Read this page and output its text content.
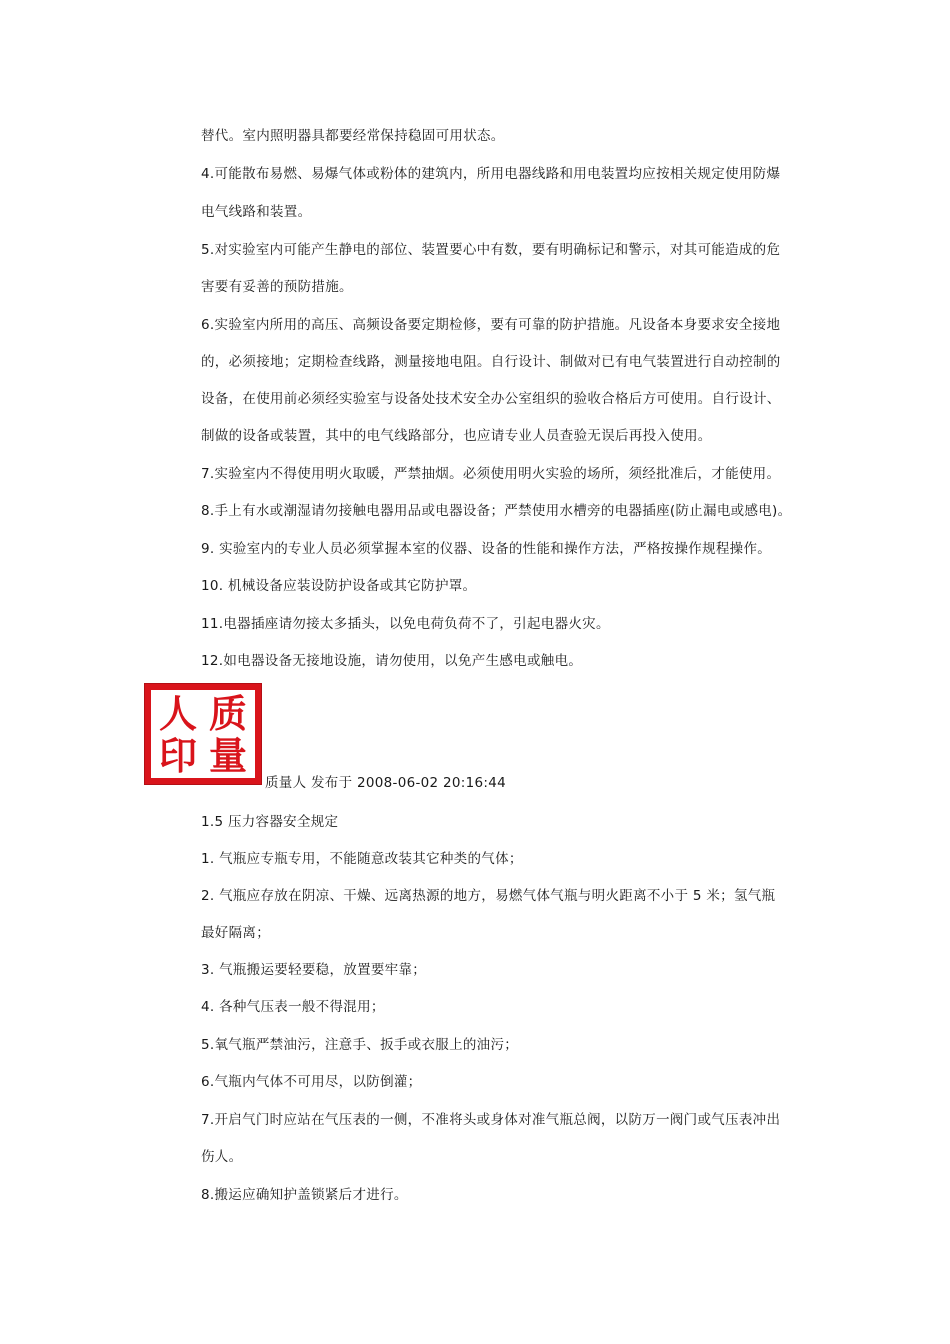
替代。室内照明器具都要经常保持稳固可用状态。
4.可能散布易燃、易爆气体或粉体的建筑内，所用电器线路和用电装置均应按相关规定使用防爆
电气线路和装置。
5.对实验室内可能产生静电的部位、装置要心中有数，要有明确标记和警示，对其可能造成的危
害要有妥善的预防措施。
6.实验室内所用的高压、高频设备要定期检修，要有可靠的防护措施。凡设备本身要求安全接地
的，必须接地；定期检查线路，测量接地电阻。自行设计、制做对已有电气装置进行自动控制的
设备，在使用前必须经实验室与设备处技术安全办公室组织的验收合格后方可使用。自行设计、
制做的设备或装置，其中的电气线路部分，也应请专业人员查验无误后再投入使用。
7.实验室内不得使用明火取暖，严禁抽烟。必须使用明火实验的场所，须经批准后，才能使用。
8.手上有水或潮湿请勿接触电器用品或电器设备；严禁使用水槽旁的电器插座(防止漏电或感电)。
9. 实验室内的专业人员必须掌握本室的仪器、设备的性能和操作方法，严格按操作规程操作。
10. 机械设备应装设防护设备或其它防护罩。
11.电器插座请勿接太多插头，以免电荷负荷不了，引起电器火灾。
12.如电器设备无接地设施，请勿使用，以免产生感电或触电。
人 质
印 量
质量人 发布于 2008-06-02 20:16:44
1.5 压力容器安全规定
1. 气瓶应专瓶专用，不能随意改装其它种类的气体；
2. 气瓶应存放在阴凉、干燥、远离热源的地方，易燃气体气瓶与明火距离不小于 5 米；氢气瓶
最好隔离；
3. 气瓶搬运要轻要稳，放置要牢靠；
4. 各种气压表一般不得混用；
5.氧气瓶严禁油污，注意手、扳手或衣服上的油污；
6.气瓶内气体不可用尽，以防倒灌；
7.开启气门时应站在气压表的一侧，不准将头或身体对准气瓶总阀，以防万一阀门或气压表冲出
伤人。
8.搬运应确知护盖锁紧后才进行。
